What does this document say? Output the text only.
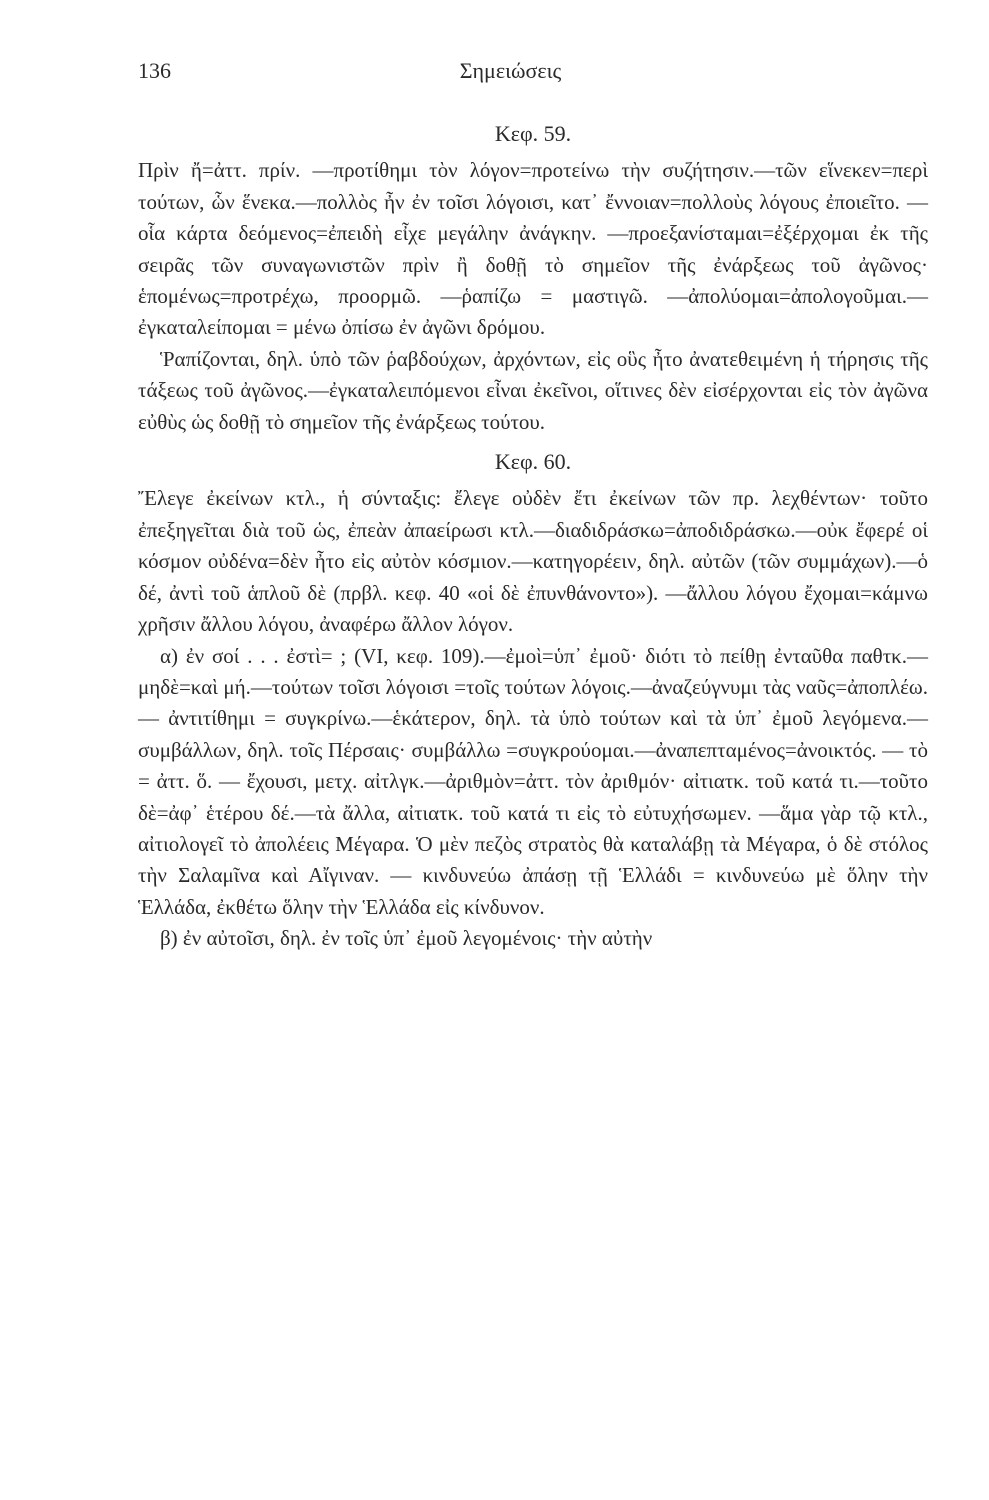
136	Σημειώσεις
Κεφ. 59.

Πρὶν ἤ=ἀττ. πρίν. —προτίθημι τὸν λόγον=προτείνω τὴν συζήτησιν.—τῶν εἵνεκεν=περὶ τούτων, ὧν ἕνεκα.—πολλὸς ἦν ἐν τοῖσι λόγοισι, κατ᾽ ἔννοιαν=πολλοὺς λόγους ἐποιεῖτο. —οἷα κάρτα δεόμενος=ἐπειδὴ εἶχε μεγάλην ἀνάγκην. —προεξανίσταμαι=ἐξέρχομαι ἐκ τῆς σειρᾶς τῶν συναγωνιστῶν πρὶν ἢ δοθῇ τὸ σημεῖον τῆς ἐνάρξεως τοῦ ἀγῶνος· ἑπομένως=προτρέχω, προορμῶ. —ῥαπίζω = μαστιγῶ. —ἀπολύομαι=ἀπολογοῦμαι.— ἐγκαταλείπομαι = μένω ὀπίσω ἐν ἀγῶνι δρόμου.

Ῥαπίζονται, δηλ. ὑπὸ τῶν ῥαβδούχων, ἀρχόντων, εἰς οὓς ἦτο ἀνατεθειμένη ἡ τήρησις τῆς τάξεως τοῦ ἀγῶνος.—ἐγκαταλειπόμενοι εἶναι ἐκεῖνοι, οἵτινες δὲν εἰσέρχονται εἰς τὸν ἀγῶνα εὐθὺς ὡς δοθῇ τὸ σημεῖον τῆς ἐνάρξεως τούτου.

Κεφ. 60.

Ἔλεγε ἐκείνων κτλ., ἡ σύνταξις: ἔλεγε οὐδὲν ἔτι ἐκείνων τῶν πρ. λεχθέντων· τοῦτο ἐπεξηγεῖται διὰ τοῦ ὡς, ἐπεὰν ἀπαείρωσι κτλ.—διαδιδράσκω=ἀποδιδράσκω.—οὐκ ἔφερέ οἱ κόσμον οὐδένα=δὲν ἦτο εἰς αὐτὸν κόσμιον.—κατηγορέειν, δηλ. αὐτῶν (τῶν συμμάχων).—ὁ δέ, ἀντὶ τοῦ ἁπλοῦ δὲ (πρβλ. κεφ. 40 «οἱ δὲ ἐπυνθάνοντο»). —ἄλλου λόγου ἔχομαι=κάμνω χρῆσιν ἄλλου λόγου, ἀναφέρω ἄλλον λόγον.

α) ἐν σοί . . . ἐστὶ= ; (VI, κεφ. 109).—ἐμοὶ=ὑπ᾽ ἐμοῦ· διότι τὸ πείθῃ ἐνταῦθα παθτκ.—μηδὲ=καὶ μή.—τούτων τοῖσι λόγοισι =τοῖς τούτων λόγοις.—ἀναζεύγνυμι τὰς ναῦς=ἀποπλέω.— ἀντιτίθημι = συγκρίνω.—ἑκάτερον, δηλ. τὰ ὑπὸ τούτων καὶ τὰ ὑπ᾽ ἐμοῦ λεγόμενα.—συμβάλλων, δηλ. τοῖς Πέρσαις· συμβάλλω =συγκρούομαι.—ἀναπεπταμένος=ἀνοικτός. — τὸ = ἀττ. ὅ. — ἔχουσι, μετχ. αἰτλγκ.—ἀριθμὸν=ἀττ. τὸν ἀριθμόν· αἰτιατκ. τοῦ κατά τι.—τοῦτο δὲ=ἀφ᾽ ἑτέρου δέ.—τὰ ἄλλα, αἰτιατκ. τοῦ κατά τι εἰς τὸ εὐτυχήσωμεν. —ἅμα γὰρ τῷ κτλ., αἰτιολογεῖ τὸ ἀπολέεις Μέγαρα. Ὁ μὲν πεζὸς στρατὸς θὰ καταλάβῃ τὰ Μέγαρα, ὁ δὲ στόλος τὴν Σαλαμῖνα καὶ Αἴγιναν. — κινδυνεύω ἀπάσῃ τῇ Ἑλλάδι = κινδυνεύω μὲ ὅλην τὴν Ἑλλάδα, ἐκθέτω ὅλην τὴν Ἑλλάδα εἰς κίνδυνον.

β) ἐν αὐτοῖσι, δηλ. ἐν τοῖς ὑπ᾽ ἐμοῦ λεγομένοις· τὴν αὐτὴν
